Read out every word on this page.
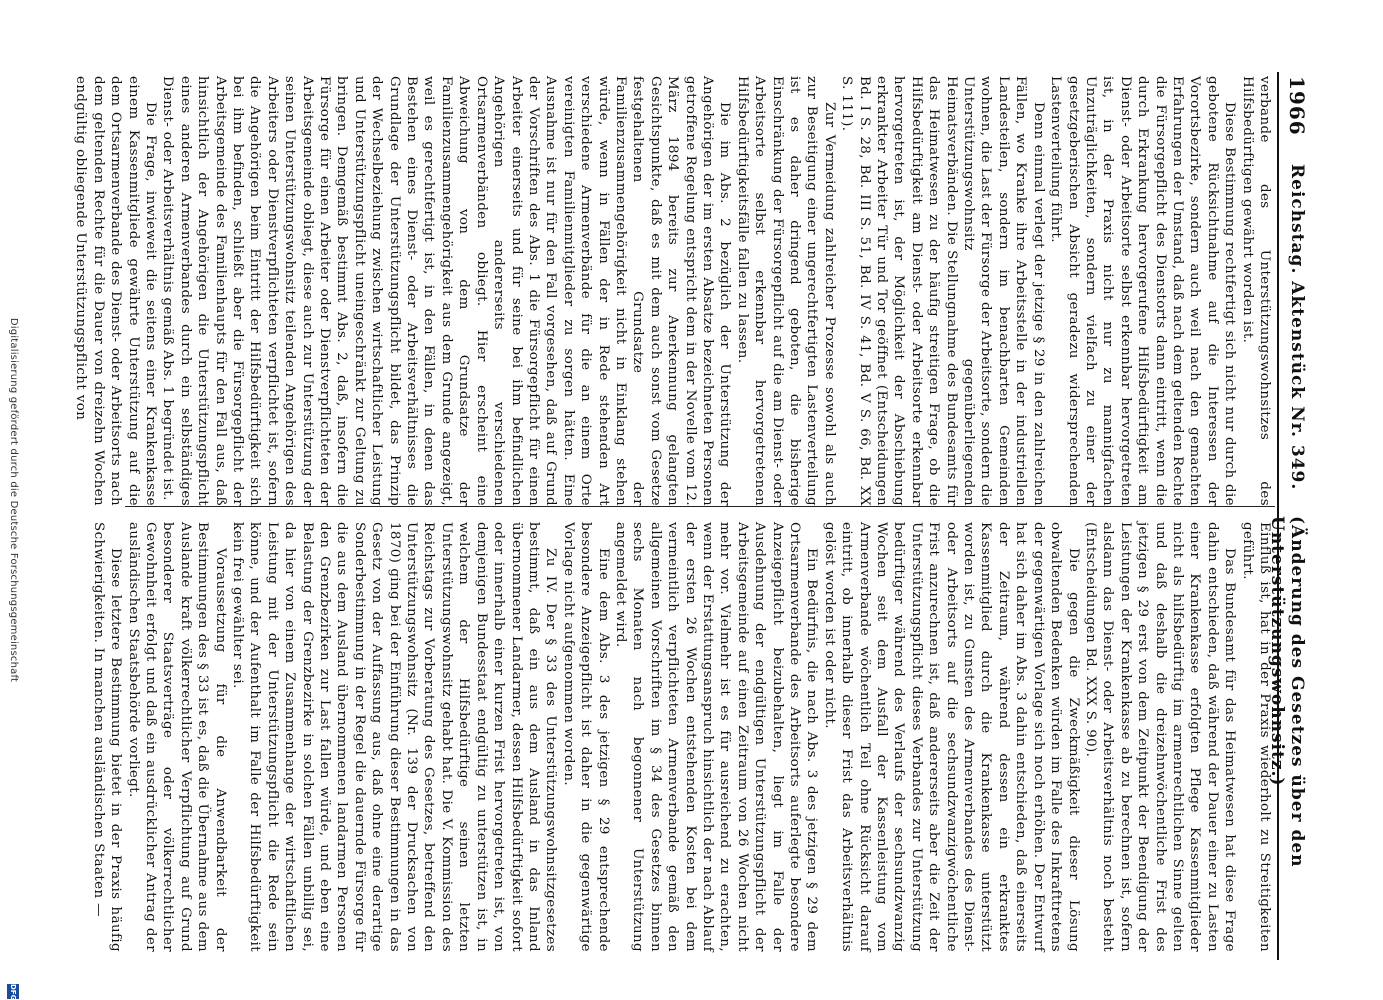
1966
Reichstag. Aktenstück Nr. 349.
(Änderung des Gesetzes über den Unterstützungswohnsitz.)

verbande des Unterstützungswohnsitzes des Hilfsbedürftigen gewährt worden ist.

Diese Bestimmung rechtfertigt sich nicht nur durch die gebotene Rücksichtnahme auf die Interessen der Vorortsbezirke, sondern auch weil nach den gemachten Erfahrungen der Umstand, daß nach dem geltenden Rechte die Fürsorgepflicht des Dienstorts dann eintritt, wenn die durch Erkrankung hervorgerufene Hilfsbedürftigkeit am Dienst- oder Arbeitsorte selbst erkennbar hervorgetreten ist, in der Praxis nicht nur zu mannigfachen Unzuträglichkeiten, sondern vielfach zu einer der gesetzgeberischen Absicht geradezu widersprechenden Lastenverteilung führt.

Denn einmal verlegt der jetzige § 29 in den zahlreichen Fällen, wo Kranke ihre Arbeitsstelle in der industriellen Landesteilen, sondern im benachbarten Gemeinden wohnen, die Last der Fürsorge der Arbeitsorte, sondern die Unterstützungswohnsitz gegenüberliegenden Heimatsverbänden. Die Stellungnahme des Bundesamts für das Heimatwesen zu der häufig streitigen Frage, ob die Hilfsbedürftigkeit am Dienst- oder Arbeitsorte erkennbar hervorgetreten ist, der Möglichkeit der Abschiebung erkrankter Arbeiter Tür und Tor geöffnet (Entscheidungen Bd. I S. 28, Bd. III S. 51, Bd. IV S. 41, Bd. V S. 66, Bd. XX S. 111).

Zur Vermeidung zahlreicher Prozesse sowohl als auch zur Beseitigung einer ungerechtfertigten Lastenverteilung ist es daher dringend geboten, die bisherige Einschränkung der Fürsorgepflicht auf die am Dienst- oder Arbeitsorte selbst erkennbar hervorgetretenen Hilfsbedürftigkeitsfälle fallen zu lassen.

Die im Abs. 2 bezüglich der Unterstützung der Angehörigen der im ersten Absatze bezeichneten Personen getroffene Regelung entspricht dem in der Novelle vom 12. März 1894 bereits zur Anerkennung gelangten Gesichtspunkte, daß es mit dem auch sonst vom Gesetze festgehaltenen Grundsatze der Familienzusammengehörigkeit nicht in Einklang stehen würde, wenn in Fällen der in Rede stehenden Art verschiedene Armenverbände für die an einem Orte vereinigten Familienmitglieder zu sorgen hätten. Eine Ausnahme ist nur für den Fall vorgesehen, daß auf Grund der Vorschriften des Abs. 1 die Fürsorgepflicht für einen Arbeiter einerseits und für seine bei ihm befindlichen Angehörigen andererseits verschiedenen Ortsarmenverbänden obliegt. Hier erscheint eine Abweichung von dem Grundsatze der Familienzusammengehörigkeit aus dem Grunde angezeigt, weil es gerechtfertigt ist, in den Fällen, in denen das Bestehen eines Dienst- oder Arbeitsverhältnisses die Grundlage der Unterstützungspflicht bildet, das Prinzip der Wechselbeziehung zwischen wirtschaftlicher Leistung und Unterstützungspflicht uneingeschränkt zur Geltung zu bringen. Demgemäß bestimmt Abs. 2, daß, insofern die Fürsorge für einen Arbeiter oder Dienstverpflichteten der Arbeitsgemeinde obliegt, diese auch zur Unterstützung der seinen Unterstützungswohnsitz teilenden Angehörigen des Arbeiters oder Dienstverpflichteten verpflichtet ist, sofern die Angehörigen beim Eintritt der Hilfsbedürftigkeit sich bei ihm befinden, schließt aber die Fürsorgepflicht der Arbeitsgemeinde des Familienhaupts für den Fall aus, daß hinsichtlich der Angehörigen die Unterstützungspflicht eines anderen Armenverbandes durch ein selbständiges Dienst- oder Arbeitsverhältnis gemäß Abs. 1 begründet ist.

Die Frage, inwieweit die seitens einer Krankenkasse einem Kassenmitgliede gewährte Unterstützung auf die dem Ortsarmenverbande des Dienst- oder Arbeitsorts nach dem geltenden Rechte für die Dauer von dreizehn Wochen endgültig obliegende Unterstützungspflicht von

Einfluß ist, hat in der Praxis wiederholt zu Streitigkeiten geführt.

Das Bundesamt für das Heimatwesen hat diese Frage dahin entschieden, daß während der Dauer einer zu Lasten einer Krankenkasse erfolgten Pflege Kassenmitglieder nicht als hilfsbedürftig im armenrechtlichen Sinne gelten und daß deshalb die dreizehnwöchentliche Frist des jetzigen § 29 erst von dem Zeitpunkt der Beendigung der Leistungen der Krankenkasse ab zu berechnen ist, sofern alsdann das Dienst- oder Arbeitsverhältnis noch besteht (Entscheidungen Bd. XXX S. 90).

Die gegen die Zweckmäßigkeit dieser Lösung obwaltenden Bedenken würden im Falle des Inkrafttretens der gegenwärtigen Vorlage sich noch erhöhen. Der Entwurf hat sich daher im Abs. 3 dahin entschieden, daß einerseits der Zeitraum, während dessen ein erkranktes Kassenmitglied durch die Krankenkasse unterstützt worden ist, zu Gunsten des Armenverbandes des Dienst- oder Arbeitsorts auf die sechsundzwanzigwöchentliche Frist anzurechnen ist, daß andererseits aber die Zeit der Unterstützungspflicht dieses Verbandes zur Unterstützung bedürftiger während des Verlaufs der sechsundzwanzig Wochen seit dem Ausfall der Kassenleistung vom Armenverbande wöchentlich Teil ohne Rücksicht darauf eintritt, ob innerhalb dieser Frist das Arbeitsverhältnis gelöst worden ist oder nicht.

Ein Bedürfnis, die nach Abs. 3 des jetzigen § 29 dem Ortsarmenverbande des Arbeitsorts auferlegte besondere Anzeigepflicht beizubehalten, liegt im Falle der Ausdehnung der endgültigen Unterstützungspflicht der Arbeitsgemeinde auf einen Zeitraum von 26 Wochen nicht mehr vor. Vielmehr ist es für ausreichend zu erachten, wenn der Erstattungsanspruch hinsichtlich der nach Ablauf der ersten 26 Wochen entstehenden Kosten bei dem vermeintlich verpflichteten Armenverbande gemäß den allgemeinen Vorschriften im § 34 des Gesetzes binnen sechs Monaten nach begonnener Unterstützung angemeldet wird.

Eine dem Abs. 3 des jetzigen § 29 entsprechende besondere Anzeigepflicht ist daher in die gegenwärtige Vorlage nicht aufgenommen worden.

Zu IV. Der § 33 des Unterstützungswohnsitzgesetzes bestimmt, daß ein aus dem Ausland in das Inland übernommener Landarmer, dessen Hilfsbedürftigkeit sofort oder innerhalb einer kurzen Frist hervorgetreten ist, von demjenigen Bundesstaat endgültig zu unterstützen ist, in welchem der Hilfsbedürftige seinen letzten Unterstützungswohnsitz gehabt hat. Die V. Kommission des Reichstags zur Vorberatung des Gesetzes, betreffend den Unterstützungswohnsitz (Nr. 139 der Drucksachen von 1870) ging bei der Einführung dieser Bestimmungen in das Gesetz von der Auffassung aus, daß ohne eine derartige Sonderbestimmung in der Regel die dauernde Fürsorge für die aus dem Ausland übernommenen landarmen Personen den Grenzbezirken zur Last fallen würde, und eben eine Belastung der Grenzbezirke in solchen Fällen unbillig sei, da hier von einem Zusammenhange der wirtschaftlichen Leistung mit der Unterstützungspflicht die Rede sein könne, und der Aufenthalt im Falle der Hilfsbedürftigkeit kein frei gewählter sei.

Voraussetzung für die Anwendbarkeit der Bestimmungen des § 33 ist es, daß die Übernahme aus dem Auslande kraft völkerrechtlicher Verpflichtung auf Grund besonderer Staatsverträge oder völkerrechtlicher Gewohnheit erfolgt und daß ein ausdrücklicher Antrag der ausländischen Staatsbehörde vorliegt.

Diese letztere Bestimmung bietet in der Praxis häufig Schwierigkeiten. In manchen ausländischen Staaten —

Digitalisierung gefördert durch die Deutsche Forschungsgemeinschaft
DFG
